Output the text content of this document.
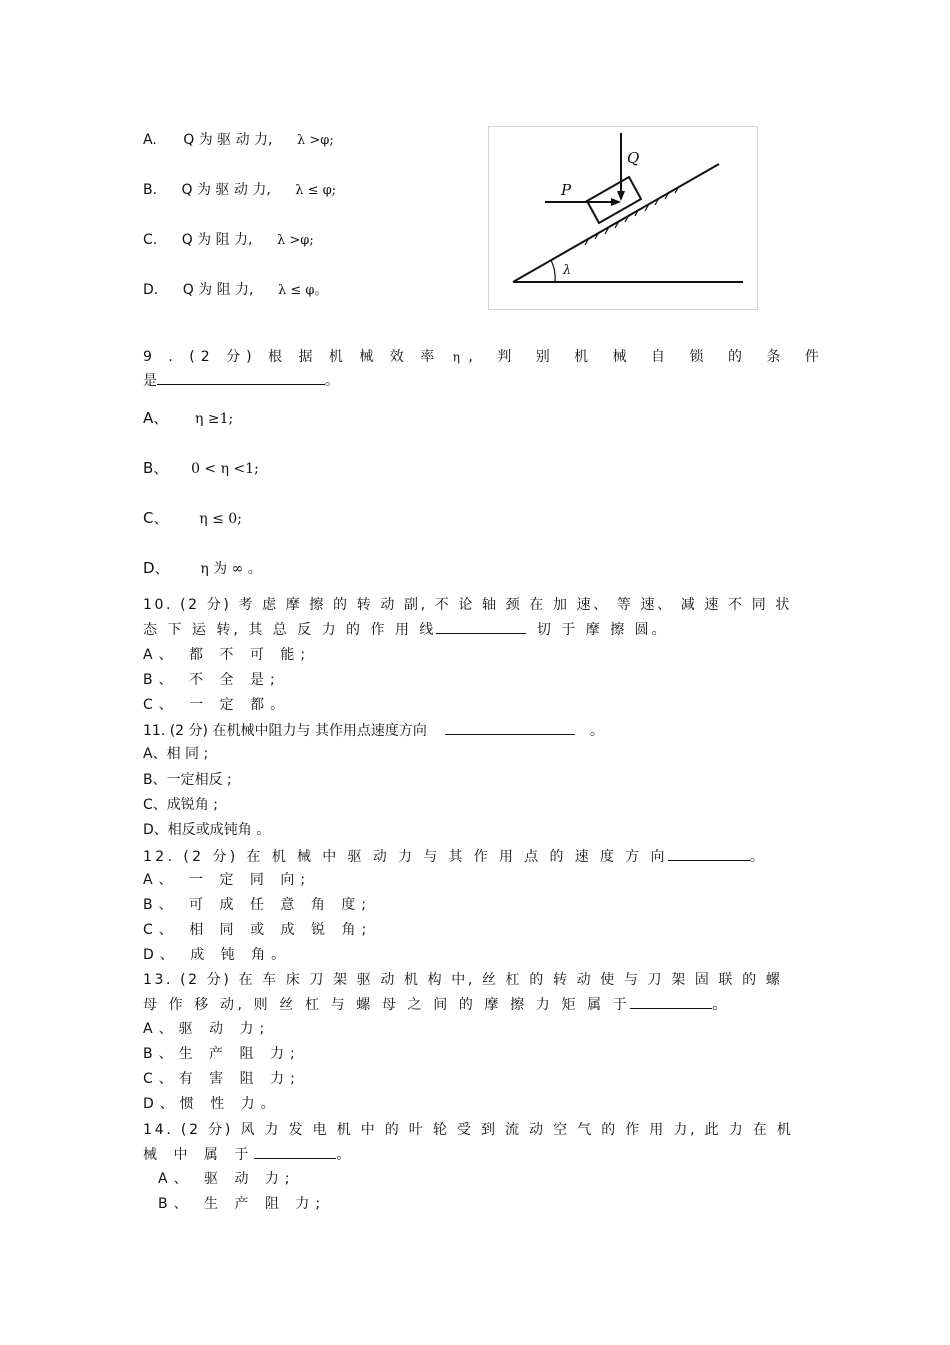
A. Q 为 驱 动 力, λ >φ;
B. Q 为 驱 动 力, λ ≤ φ;
C. Q 为 阻 力, λ >φ;
D. Q 为 阻 力, λ ≤ φ。
Q
P
λ
9 . (2 分) 根 据 机 械 效 率 η , 判 别 机 械 自 锁 的 条 件
是	。
A、 η ≥1;
B、 0 < η <1;
C、 η ≤ 0;
D、 η 为 ∞ 。
10. (2 分) 考 虑 摩 擦 的 转 动 副, 不 论 轴 颈 在 加 速、 等 速、 减 速 不 同 状
态 下 运 转, 其 总 反 力 的 作 用 线	切 于 摩 擦 圆。
A、 都 不 可 能;
B、 不 全 是;
C、 一 定 都。
11. (2 分) 在机械中阻力与 其作用点速度方向	。
A、相 同 ;
B、一定相反 ;
C、成锐角 ;
D、相反或成钝角 。
12. (2 分) 在 机 械 中 驱 动 力 与 其 作 用 点 的 速 度 方 向	。
A、 一 定 同 向;
B、 可 成 任 意 角 度;
C、 相 同 或 成 锐 角;
D、 成 钝 角。
13. (2 分) 在 车 床 刀 架 驱 动 机 构 中, 丝 杠 的 转 动 使 与 刀 架 固 联 的 螺
母 作 移 动, 则 丝 杠 与 螺 母 之 间 的 摩 擦 力 矩 属 于	。
A、驱 动 力;
B、生 产 阻 力;
C、有 害 阻 力;
D、惯 性 力。
14. (2 分) 风 力 发 电 机 中 的 叶 轮 受 到 流 动 空 气 的 作 用 力, 此 力 在 机
械 中 属 于	。
A、 驱 动 力;
B、 生 产 阻 力;
